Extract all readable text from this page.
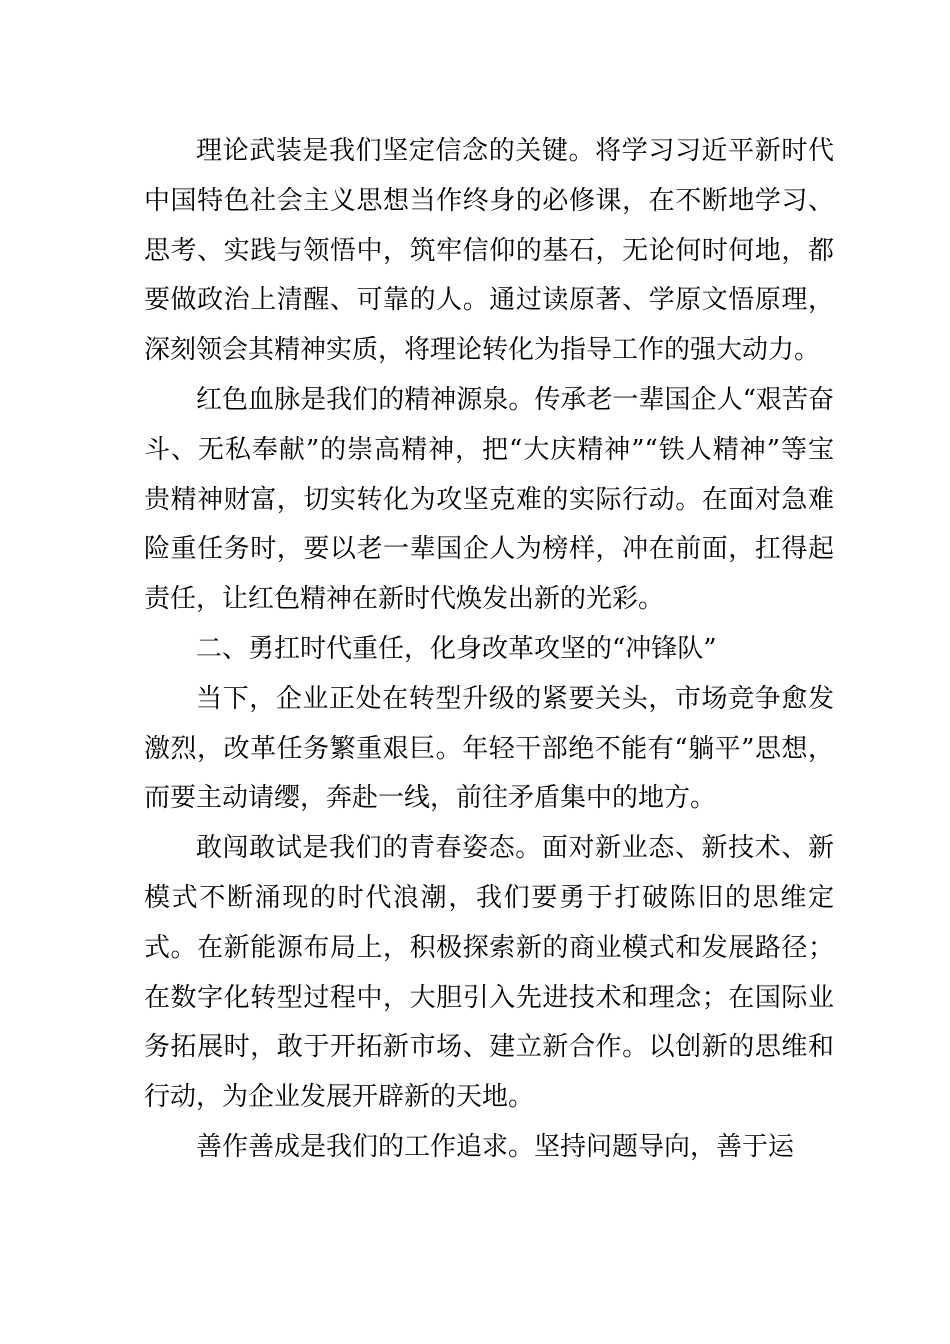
理论武装是我们坚定信念的关键。将学习习近平新时代中国特色社会主义思想当作终身的必修课，在不断地学习、思考、实践与领悟中，筑牢信仰的基石，无论何时何地，都要做政治上清醒、可靠的人。通过读原著、学原文悟原理，深刻领会其精神实质，将理论转化为指导工作的强大动力。

红色血脉是我们的精神源泉。传承老一辈国企人“艰苦奋斗、无私奉献”的崇高精神，把“大庆精神”“铁人精神”等宝贵精神财富，切实转化为攻坚克难的实际行动。在面对急难险重任务时，要以老一辈国企人为榜样，冲在前面，扛得起责任，让红色精神在新时代焕发出新的光彩。

二、勇扛时代重任，化身改革攻坚的“冲锋队”

当下，企业正处在转型升级的紧要关头，市场竞争愈发激烈，改革任务繁重艰巨。年轻干部绝不能有“躺平”思想，而要主动请缨，奔赴一线，前往矛盾集中的地方。

敢闯敢试是我们的青春姿态。面对新业态、新技术、新模式不断涌现的时代浪潮，我们要勇于打破陈旧的思维定式。在新能源布局上，积极探索新的商业模式和发展路径；在数字化转型过程中，大胆引入先进技术和理念；在国际业务拓展时，敢于开拓新市场、建立新合作。以创新的思维和行动，为企业发展开辟新的天地。

善作善成是我们的工作追求。坚持问题导向，善于运
